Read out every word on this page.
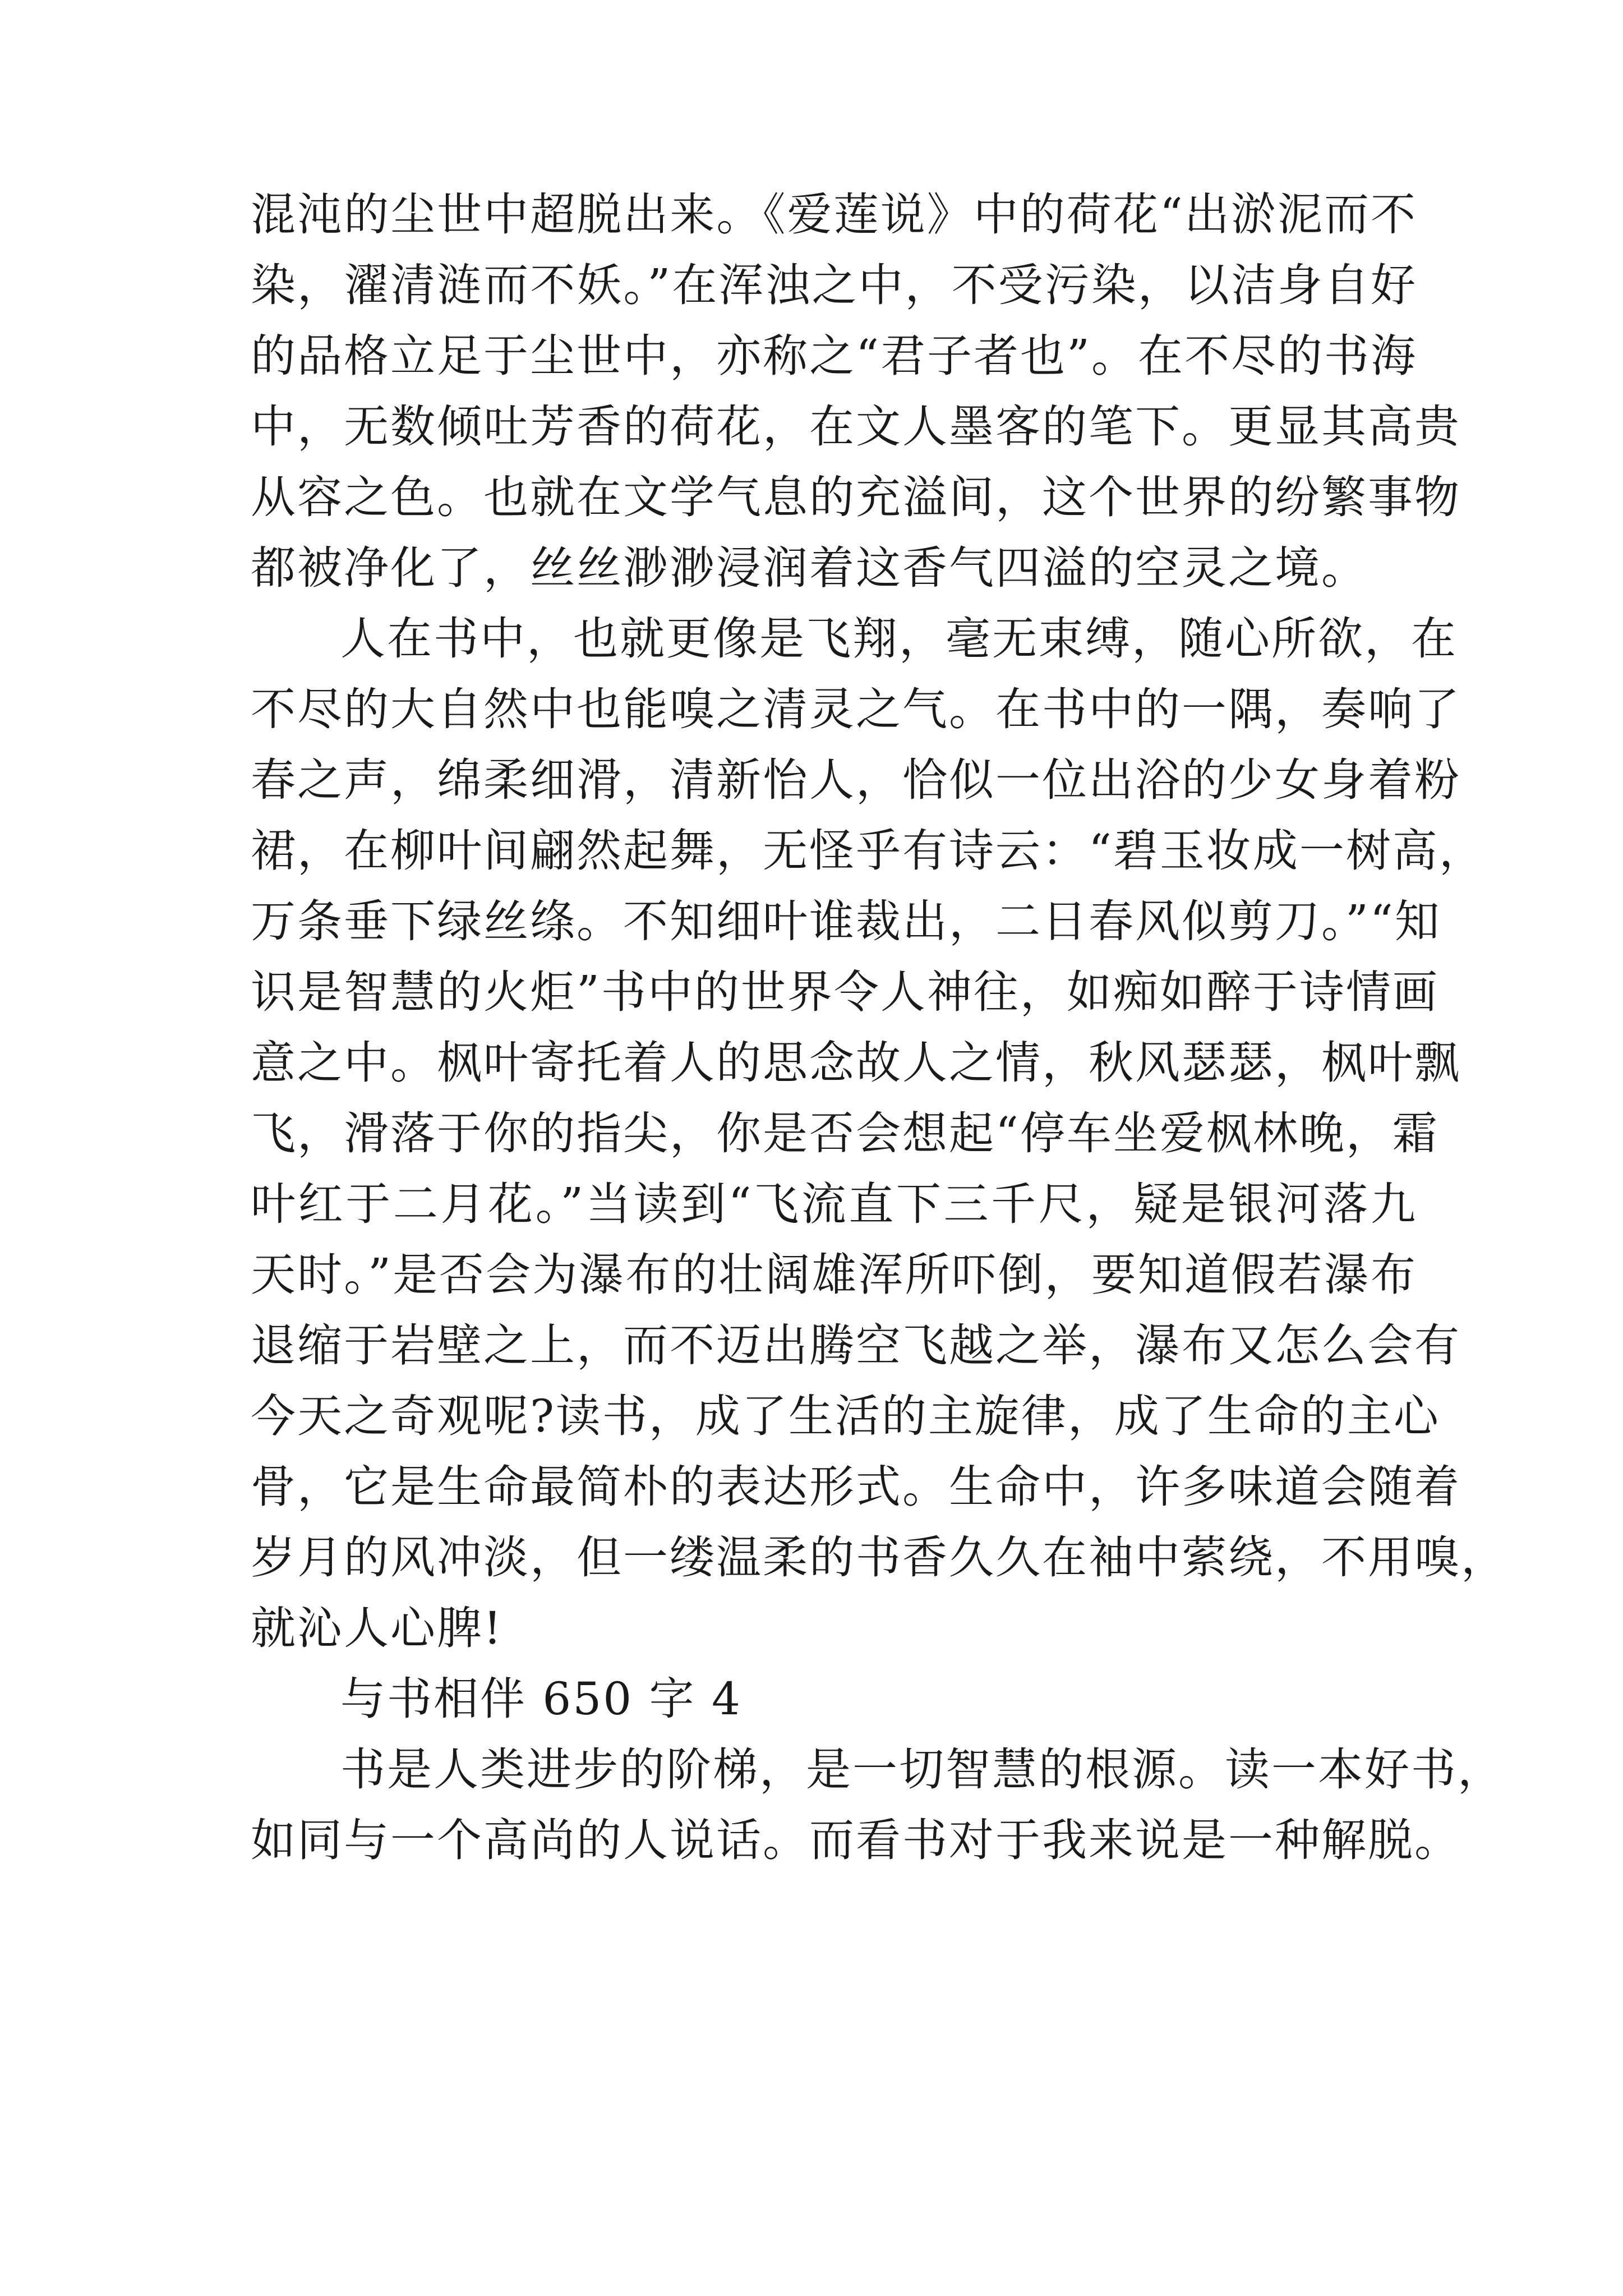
混沌的尘世中超脱出来。《爱莲说》中的荷花“出淤泥而不
染，濯清涟而不妖。”在浑浊之中，不受污染，以洁身自好
的品格立足于尘世中，亦称之“君子者也”。在不尽的书海
中，无数倾吐芳香的荷花，在文人墨客的笔下。更显其高贵
从容之色。也就在文学气息的充溢间，这个世界的纷繁事物
都被净化了，丝丝渺渺浸润着这香气四溢的空灵之境。
人在书中，也就更像是飞翔，毫无束缚，随心所欲，在
不尽的大自然中也能嗅之清灵之气。在书中的一隅，奏响了
春之声，绵柔细滑，清新怡人，恰似一位出浴的少女身着粉
裙，在柳叶间翩然起舞，无怪乎有诗云：“碧玉妆成一树高，
万条垂下绿丝绦。不知细叶谁裁出，二日春风似剪刀。”“知
识是智慧的火炬”书中的世界令人神往，如痴如醉于诗情画
意之中。枫叶寄托着人的思念故人之情，秋风瑟瑟，枫叶飘
飞，滑落于你的指尖，你是否会想起“停车坐爱枫林晚，霜
叶红于二月花。”当读到“飞流直下三千尺，疑是银河落九
天时。”是否会为瀑布的壮阔雄浑所吓倒，要知道假若瀑布
退缩于岩壁之上，而不迈出腾空飞越之举，瀑布又怎么会有
今天之奇观呢?读书，成了生活的主旋律，成了生命的主心
骨，它是生命最简朴的表达形式。生命中，许多味道会随着
岁月的风冲淡，但一缕温柔的书香久久在袖中萦绕，不用嗅，
就沁人心脾!
与书相伴 650 字 4
书是人类进步的阶梯，是一切智慧的根源。读一本好书，
如同与一个高尚的人说话。而看书对于我来说是一种解脱。
